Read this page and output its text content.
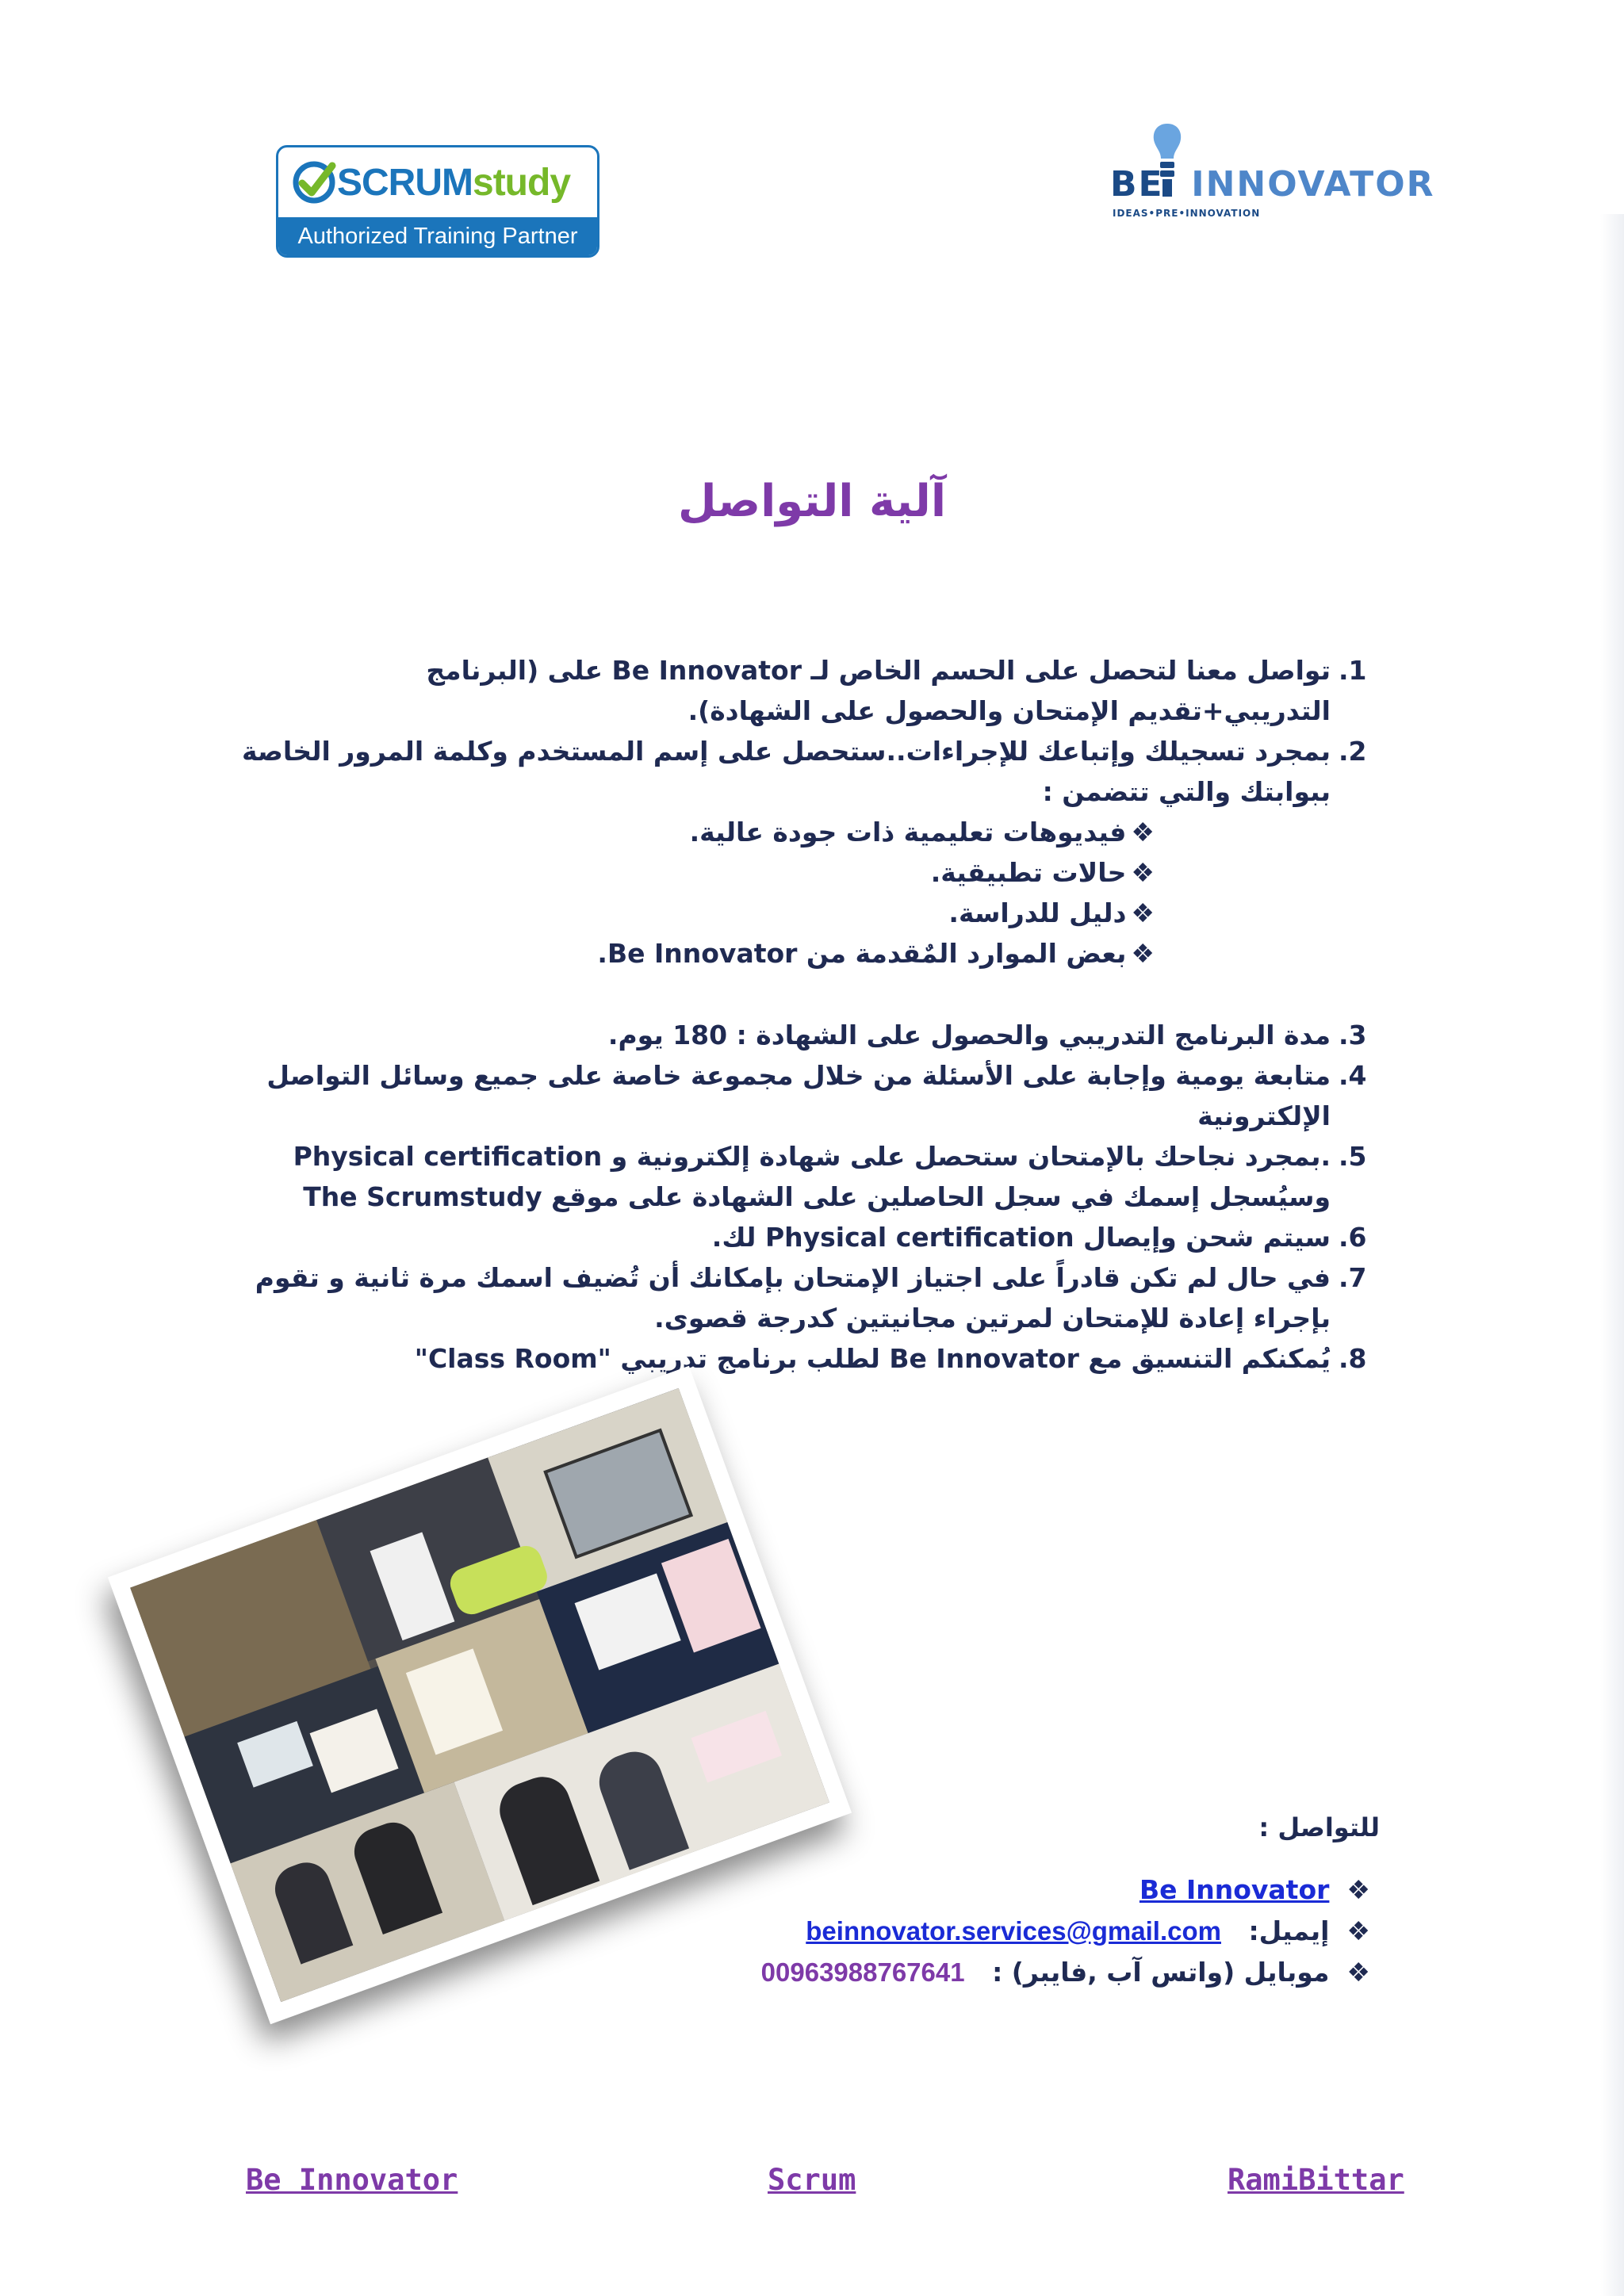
SCRUM study
Authorized Training Partner
BE INNOVATOR
IDEAS•PRE•INNOVATION
آلية التواصل
.1
تواصل معنا لتحصل على الحسم الخاص لـ Be Innovator على (البرنامج التدريبي+تقديم الإمتحان والحصول على الشهادة).
.2
بمجرد تسجيلك وإتباعك للإجراءات..ستحصل على إسم المستخدم وكلمة المرور الخاصة ببوابتك والتي تتضمن :
❖فيديوهات تعليمية ذات جودة عالية.
❖حالات تطبيقية.
❖دليل للدراسة.
❖بعض الموارد المٌقدمة من Be Innovator.
.3
مدة البرنامج التدريبي والحصول على الشهادة : 180 يوم.
.4
متابعة يومية وإجابة على الأسئلة من خلال مجموعة خاصة على جميع وسائل التواصل الإلكترونية
.5
.بمجرد نجاحك بالإمتحان ستحصل على شهادة إلكترونية و Physical certification وسيُسجل إسمك في سجل الحاصلين على الشهادة على موقع The Scrumstudy
.6
سيتم شحن وإيصال Physical certification لك.
.7
في حال لم تكن قادراً على اجتياز الإمتحان بإمكانك أن تُضيف اسمك مرة ثانية و تقوم بإجراء إعادة للإمتحان لمرتين مجانيتين كدرجة قصوى.
.8
يُمكنكم التنسيق مع Be Innovator لطلب برنامج تدريبي "Class Room"
للتواصل :
❖Be Innovator
❖إيميل:   beinnovator.services@gmail.com
❖موبايل (واتس آب ,فايبر) :   00963988767641
Be Innovator	Scrum	RamiBittar
